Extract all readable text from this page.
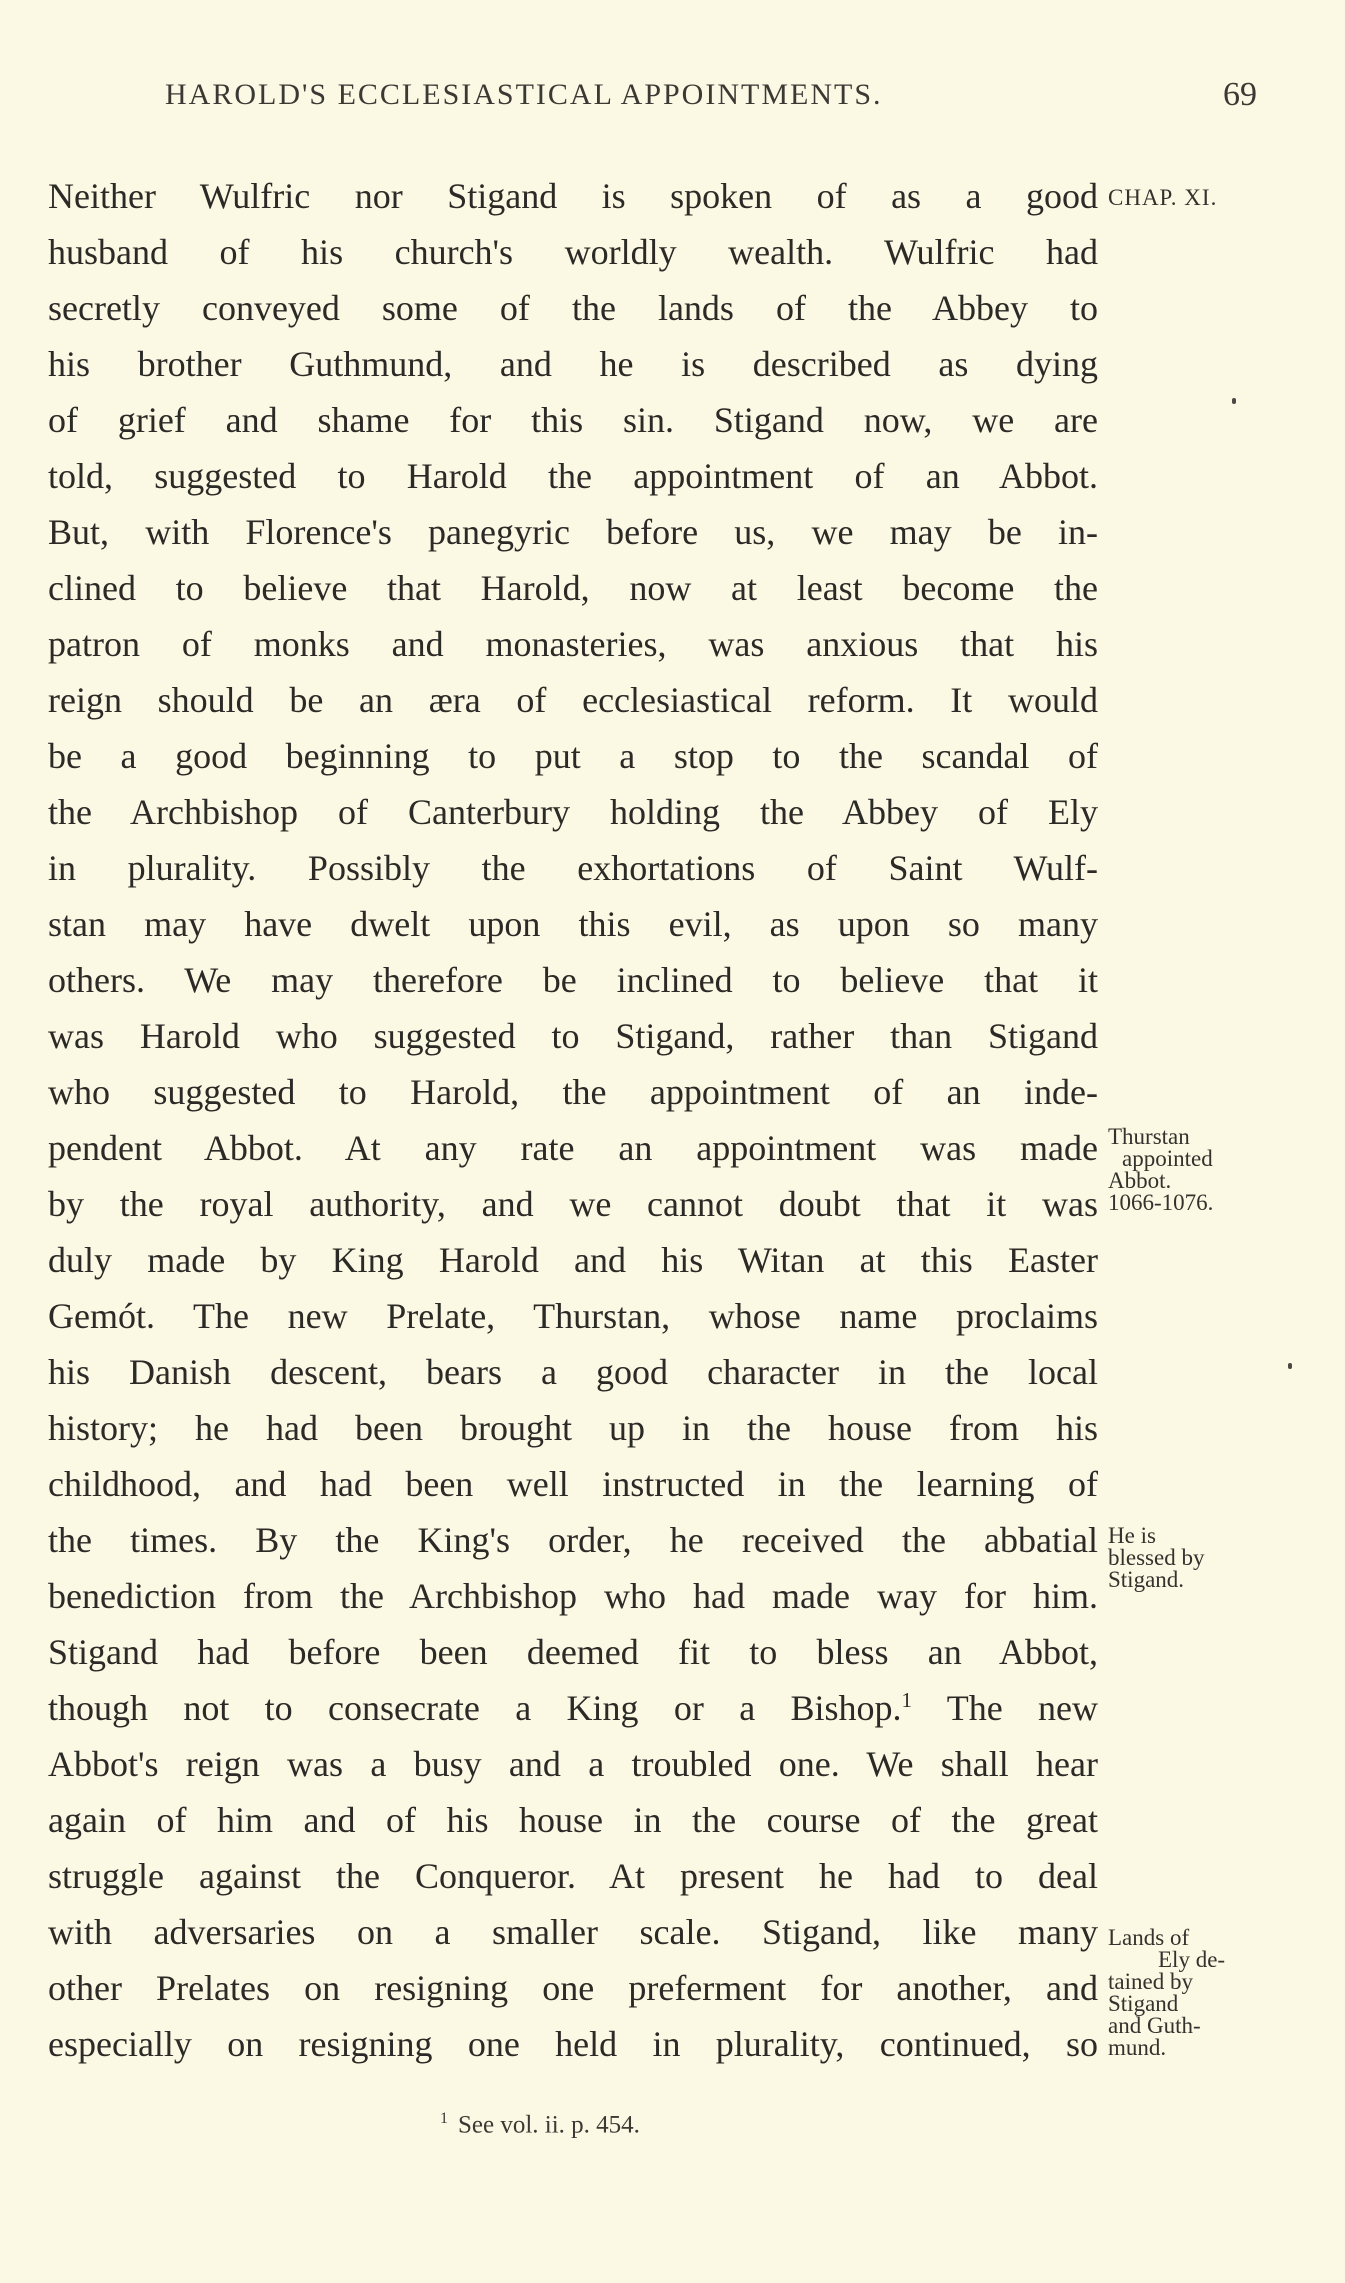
HAROLD'S ECCLESIASTICAL APPOINTMENTS.	69
Neither Wulfric nor Stigand is spoken of as a good
husband of his church's worldly wealth. Wulfric had
secretly conveyed some of the lands of the Abbey to
his brother Guthmund, and he is described as dying
of grief and shame for this sin. Stigand now, we are
told, suggested to Harold the appointment of an Abbot.
But, with Florence's panegyric before us, we may be in-
clined to believe that Harold, now at least become the
patron of monks and monasteries, was anxious that his
reign should be an æra of ecclesiastical reform. It would
be a good beginning to put a stop to the scandal of
the Archbishop of Canterbury holding the Abbey of Ely
in plurality. Possibly the exhortations of Saint Wulf-
stan may have dwelt upon this evil, as upon so many
others. We may therefore be inclined to believe that it
was Harold who suggested to Stigand, rather than Stigand
who suggested to Harold, the appointment of an inde-
pendent Abbot. At any rate an appointment was made
by the royal authority, and we cannot doubt that it was
duly made by King Harold and his Witan at this Easter
Gemót. The new Prelate, Thurstan, whose name proclaims
his Danish descent, bears a good character in the local
history; he had been brought up in the house from his
childhood, and had been well instructed in the learning of
the times. By the King's order, he received the abbatial
benediction from the Archbishop who had made way for him.
Stigand had before been deemed fit to bless an Abbot,
though not to consecrate a King or a Bishop.$^1$ The new
Abbot's reign was a busy and a troubled one. We shall hear
again of him and of his house in the course of the great
struggle against the Conqueror. At present he had to deal
with adversaries on a smaller scale. Stigand, like many
other Prelates on resigning one preferment for another, and
especially on resigning one held in plurality, continued, so
CHAP. XI.
Thurstan
appointed
Abbot.
1066-1076.
He is
blessed by
Stigand.
Lands of
Ely de-
tained by
Stigand
and Guth-
mund.
$^1$ See vol. ii. p. 454.
